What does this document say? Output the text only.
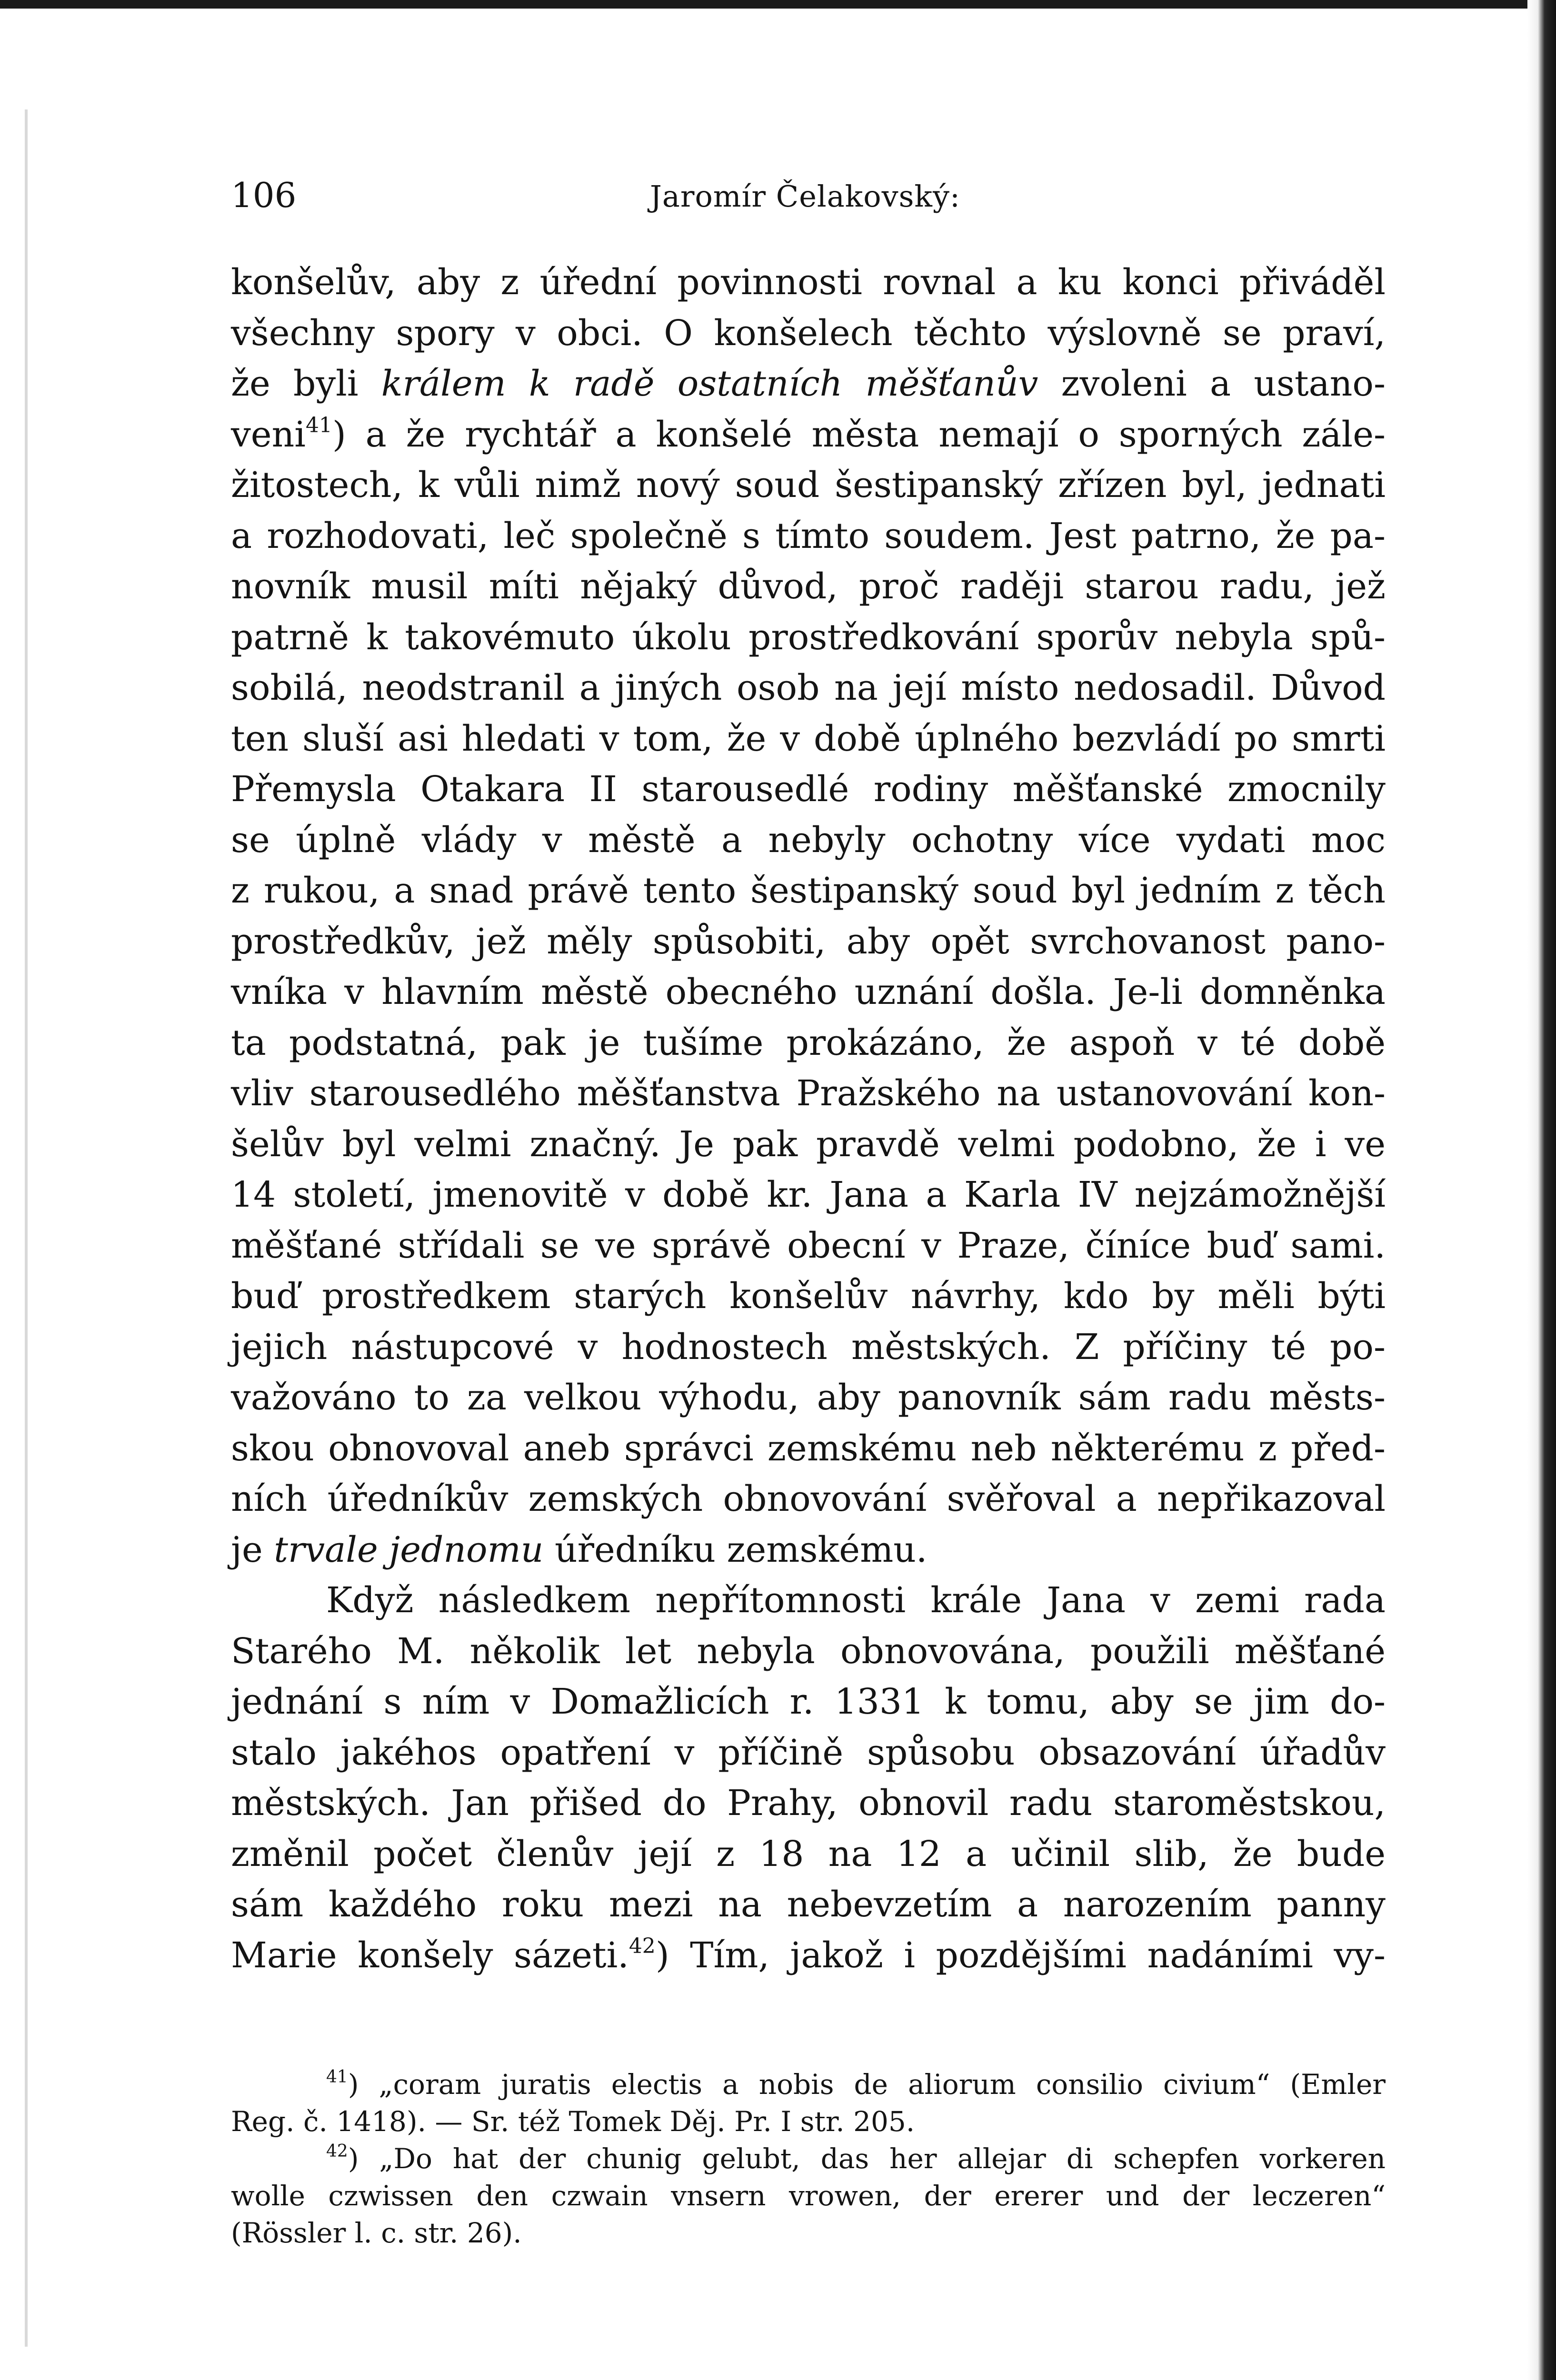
106	Jaromír Čelakovský:

konšelův, aby z úřední povinnosti rovnal a ku konci přiváděl

všechny spory v obci. O konšelech těchto výslovně se praví,

že byli králem k radě ostatních měšťanův zvoleni a ustano-

veni$^{41}$) a že rychtář a konšelé města nemají o sporných zále-

žitostech, k vůli nimž nový soud šestipanský zřízen byl, jednati

a rozhodovati, leč společně s tímto soudem. Jest patrno, že pa-

novník musil míti nějaký důvod, proč raději starou radu, jež

patrně k takovémuto úkolu prostředkování sporův nebyla spů-

sobilá, neodstranil a jiných osob na její místo nedosadil. Důvod

ten sluší asi hledati v tom, že v době úplného bezvládí po smrti

Přemysla Otakara II starousedlé rodiny měšťanské zmocnily

se úplně vlády v městě a nebyly ochotny více vydati moc

z rukou, a snad právě tento šestipanský soud byl jedním z těch

prostředkův, jež měly spůsobiti, aby opět svrchovanost pano-

vníka v hlavním městě obecného uznání došla. Je-li domněnka

ta podstatná, pak je tušíme prokázáno, že aspoň v té době

vliv starousedlého měšťanstva Pražského na ustanovování kon-

šelův byl velmi značný. Je pak pravdě velmi podobno, že i ve

14 století, jmenovitě v době kr. Jana a Karla IV nejzámožnější

měšťané střídali se ve správě obecní v Praze, číníce buď sami.

buď prostředkem starých konšelův návrhy, kdo by měli býti

jejich nástupcové v hodnostech městských. Z příčiny té po-

važováno to za velkou výhodu, aby panovník sám radu městs-

skou obnovoval aneb správci zemskému neb některému z před-

ních úředníkův zemských obnovování svěřoval a nepřikazoval

je trvale jednomu úředníku zemskému.

Když následkem nepřítomnosti krále Jana v zemi rada

Starého M. několik let nebyla obnovována, použili měšťané

jednání s ním v Domažlicích r. 1331 k tomu, aby se jim do-

stalo jakéhos opatření v příčině spůsobu obsazování úřadův

městských. Jan přišed do Prahy, obnovil radu staroměstskou,

změnil počet členův její z 18 na 12 a učinil slib, že bude

sám každého roku mezi na nebevzetím a narozením panny

Marie konšely sázeti.$^{42}$) Tím, jakož i pozdějšími nadáními vy-

$^{41}$) „coram juratis electis a nobis de aliorum consilio civium“ (Emler

Reg. č. 1418). — Sr. též Tomek Děj. Pr. I str. 205.

$^{42}$) „Do hat der chunig gelubt, das her allejar di schepfen vorkeren

wolle czwissen den czwain vnsern vrowen, der ererer und der leczeren“

(Rössler l. c. str. 26).
